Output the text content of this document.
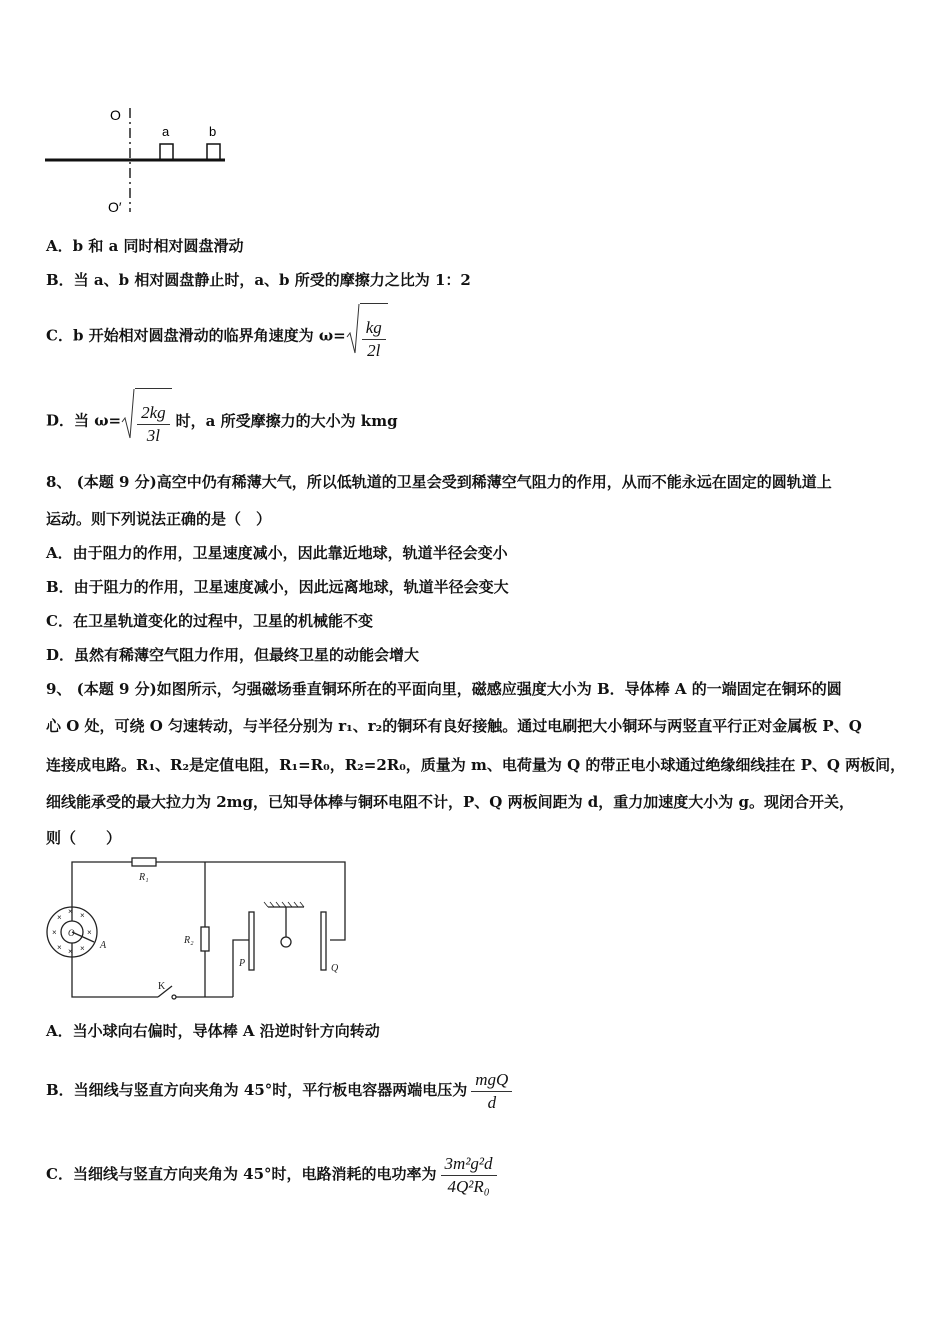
O
a	b
O′
A．b 和 a 同时相对圆盘滑动
B．当 a、b 相对圆盘静止时，a、b 所受的摩擦力之比为 1：2
C．b 开始相对圆盘滑动的临界角速度为 $\omega= \frac{kg}{2l}$
D．当 $\omega= \frac{2kg}{3l}$ 时，a 所受摩擦力的大小为 kmg
8、 (本题 9 分)高空中仍有稀薄大气，所以低轨道的卫星会受到稀薄空气阻力的作用，从而不能永远在固定的圆轨道上
运动。则下列说法正确的是（　）
A．由于阻力的作用，卫星速度减小，因此靠近地球，轨道半径会变小
B．由于阻力的作用，卫星速度减小，因此远离地球，轨道半径会变大
C．在卫星轨道变化的过程中，卫星的机械能不变
D．虽然有稀薄空气阻力作用，但最终卫星的动能会增大
9、 (本题 9 分)如图所示，匀强磁场垂直铜环所在的平面向里，磁感应强度大小为 B．导体棒 A 的一端固定在铜环的圆
心 O 处，可绕 O 匀速转动，与半径分别为 r₁、r₂的铜环有良好接触。通过电刷把大小铜环与两竖直平行正对金属板 P、Q
连接成电路。R₁、R₂是定值电阻，R₁=R₀，R₂=2R₀，质量为 m、电荷量为 Q 的带正电小球通过绝缘细线挂在 P、Q 两板间，
细线能承受的最大拉力为 2mg，已知导体棒与铜环电阻不计，P、Q 两板间距为 d，重力加速度大小为 g。现闭合开关，
则（　　）
×
× ×
×	×
× × ×
R₁
R₂
O
A
P	Q
K
A．当小球向右偏时，导体棒 A 沿逆时针方向转动
B．当细线与竖直方向夹角为 45°时，平行板电容器两端电压为 $\frac{\text{mgQ}}{d}$
C．当细线与竖直方向夹角为 45°时，电路消耗的电功率为 $\frac{\text{3m²g²d}}{\text{4Q²R₀}}$
